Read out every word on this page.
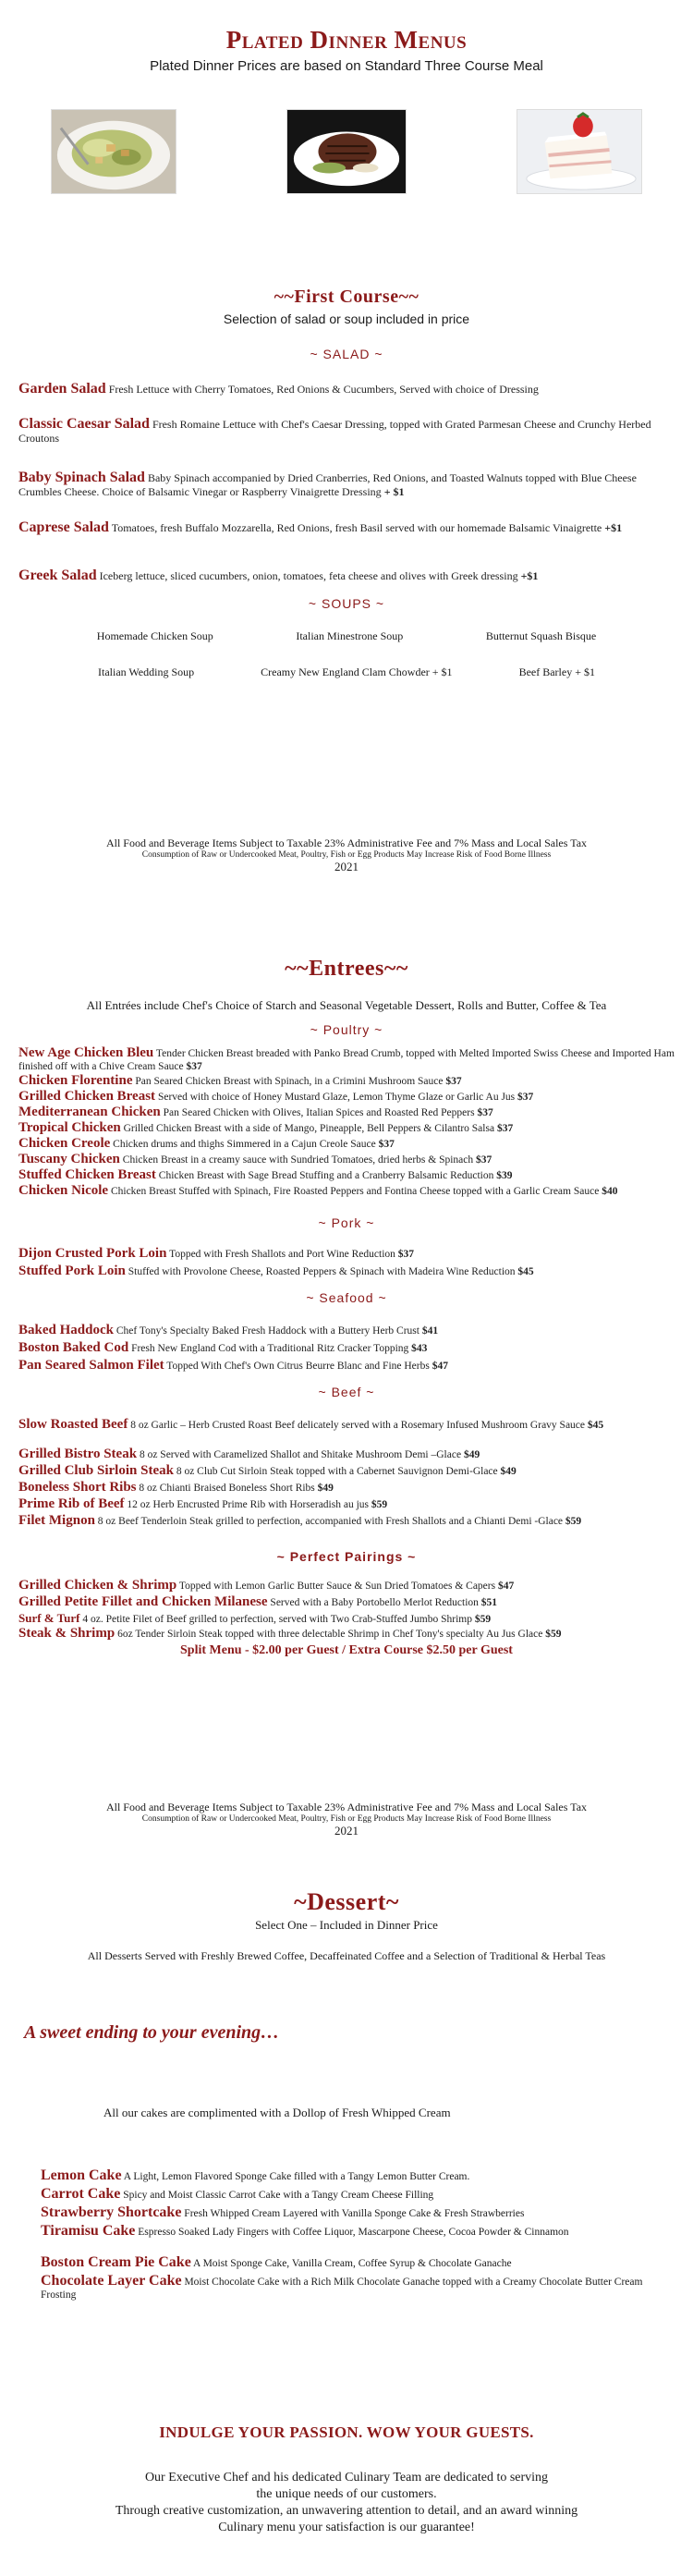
Plated Dinner Menus
Plated Dinner Prices are based on Standard Three Course Meal
~~First Course~~
Selection of salad or soup included in price
~ SALAD ~
Garden Salad Fresh Lettuce with Cherry Tomatoes, Red Onions & Cucumbers, Served with choice of Dressing
Classic Caesar Salad Fresh Romaine Lettuce with Chef's Caesar Dressing, topped with Grated Parmesan Cheese and Crunchy Herbed Croutons
Baby Spinach Salad Baby Spinach accompanied by Dried Cranberries, Red Onions, and Toasted Walnuts topped with Blue Cheese Crumbles Cheese. Choice of Balsamic Vinegar or Raspberry Vinaigrette Dressing + $1
Caprese Salad Tomatoes, fresh Buffalo Mozzarella, Red Onions, fresh Basil served with our homemade Balsamic Vinaigrette +$1
Greek Salad Iceberg lettuce, sliced cucumbers, onion, tomatoes, feta cheese and olives with Greek dressing +$1
~ SOUPS ~
Homemade Chicken Soup	Italian Minestrone Soup	Butternut Squash Bisque
Italian Wedding Soup	Creamy New England Clam Chowder + $1	Beef Barley + $1
All Food and Beverage Items Subject to Taxable 23% Administrative Fee and 7% Mass and Local Sales Tax
Consumption of Raw or Undercooked Meat, Poultry, Fish or Egg Products May Increase Risk of Food Borne Illness
2021
~~Entrees~~
All Entrées include Chef's Choice of Starch and Seasonal Vegetable Dessert, Rolls and Butter, Coffee & Tea
~ Poultry ~
New Age Chicken Bleu Tender Chicken Breast breaded with Panko Bread Crumb, topped with Melted Imported Swiss Cheese and Imported Ham finished off with a Chive Cream Sauce $37
Chicken Florentine Pan Seared Chicken Breast with Spinach, in a Crimini Mushroom Sauce $37
Grilled Chicken Breast Served with choice of Honey Mustard Glaze, Lemon Thyme Glaze or Garlic Au Jus $37
Mediterranean Chicken Pan Seared Chicken with Olives, Italian Spices and Roasted Red Peppers $37
Tropical Chicken Grilled Chicken Breast with a side of Mango, Pineapple, Bell Peppers & Cilantro Salsa $37
Chicken Creole Chicken drums and thighs Simmered in a Cajun Creole Sauce $37
Tuscany Chicken Chicken Breast in a creamy sauce with Sundried Tomatoes, dried herbs & Spinach $37
Stuffed Chicken Breast Chicken Breast with Sage Bread Stuffing and a Cranberry Balsamic Reduction $39
Chicken Nicole Chicken Breast Stuffed with Spinach, Fire Roasted Peppers and Fontina Cheese topped with a Garlic Cream Sauce $40
~ Pork ~
Dijon Crusted Pork Loin Topped with Fresh Shallots and Port Wine Reduction $37
Stuffed Pork Loin Stuffed with Provolone Cheese, Roasted Peppers & Spinach with Madeira Wine Reduction $45
~ Seafood ~
Baked Haddock Chef Tony's Specialty Baked Fresh Haddock with a Buttery Herb Crust $41
Boston Baked Cod Fresh New England Cod with a Traditional Ritz Cracker Topping $43
Pan Seared Salmon Filet Topped With Chef's Own Citrus Beurre Blanc and Fine Herbs $47
~ Beef ~
Slow Roasted Beef 8 oz Garlic – Herb Crusted Roast Beef delicately served with a Rosemary Infused Mushroom Gravy Sauce $45
Grilled Bistro Steak 8 oz Served with Caramelized Shallot and Shitake Mushroom Demi –Glace $49
Grilled Club Sirloin Steak 8 oz Club Cut Sirloin Steak topped with a Cabernet Sauvignon Demi-Glace $49
Boneless Short Ribs 8 oz Chianti Braised Boneless Short Ribs $49
Prime Rib of Beef 12 oz Herb Encrusted Prime Rib with Horseradish au jus $59
Filet Mignon 8 oz Beef Tenderloin Steak grilled to perfection, accompanied with Fresh Shallots and a Chianti Demi -Glace $59
~ Perfect Pairings ~
Grilled Chicken & Shrimp Topped with Lemon Garlic Butter Sauce & Sun Dried Tomatoes & Capers $47
Grilled Petite Fillet and Chicken Milanese Served with a Baby Portobello Merlot Reduction $51
Surf & Turf 4 oz. Petite Filet of Beef grilled to perfection, served with Two Crab-Stuffed Jumbo Shrimp $59
Steak & Shrimp 6oz Tender Sirloin Steak topped with three delectable Shrimp in Chef Tony's specialty Au Jus Glace $59
Split Menu - $2.00 per Guest / Extra Course $2.50 per Guest
All Food and Beverage Items Subject to Taxable 23% Administrative Fee and 7% Mass and Local Sales Tax
Consumption of Raw or Undercooked Meat, Poultry, Fish or Egg Products May Increase Risk of Food Borne Illness
2021
~Dessert~
Select One – Included in Dinner Price
All Desserts Served with Freshly Brewed Coffee, Decaffeinated Coffee and a Selection of Traditional & Herbal Teas
A sweet ending to your evening…
All our cakes are complimented with a Dollop of Fresh Whipped Cream
Lemon Cake A Light, Lemon Flavored Sponge Cake filled with a Tangy Lemon Butter Cream.
Carrot Cake Spicy and Moist Classic Carrot Cake with a Tangy Cream Cheese Filling
Strawberry Shortcake Fresh Whipped Cream Layered with Vanilla Sponge Cake & Fresh Strawberries
Tiramisu Cake Espresso Soaked Lady Fingers with Coffee Liquor, Mascarpone Cheese, Cocoa Powder & Cinnamon
Boston Cream Pie Cake A Moist Sponge Cake, Vanilla Cream, Coffee Syrup & Chocolate Ganache
Chocolate Layer Cake Moist Chocolate Cake with a Rich Milk Chocolate Ganache topped with a Creamy Chocolate Butter Cream Frosting
INDULGE YOUR PASSION. WOW YOUR GUESTS.
Our Executive Chef and his dedicated Culinary Team are dedicated to serving
the unique needs of our customers.
Through creative customization, an unwavering attention to detail, and an award winning
Culinary menu your satisfaction is our guarantee!
